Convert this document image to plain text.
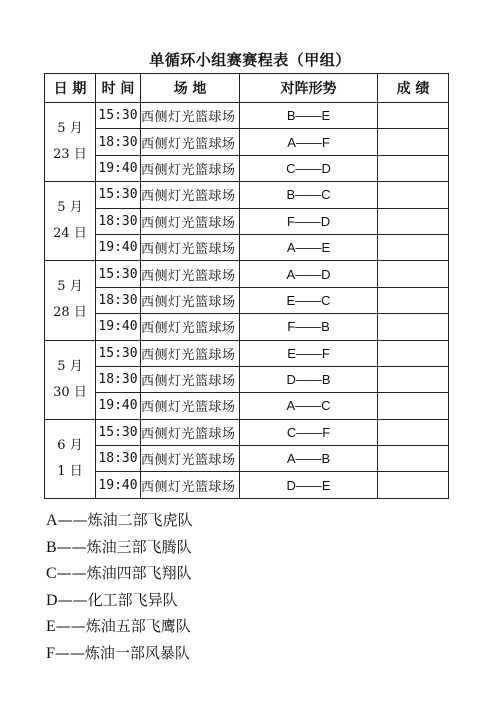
单循环小组赛赛程表（甲组）
日 期	时 间	场 地	对阵形势	成 绩

5 月
23 日	15:30	西侧灯光篮球场	B——E	
	18:30	西侧灯光篮球场	A——F	
	19:40	西侧灯光篮球场	C——D	

5 月
24 日	15:30	西侧灯光篮球场	B——C	
	18:30	西侧灯光篮球场	F——D	
	19:40	西侧灯光篮球场	A——E	

5 月
28 日	15:30	西侧灯光篮球场	A——D	
	18:30	西侧灯光篮球场	E——C	
	19:40	西侧灯光篮球场	F——B	

5 月
30 日	15:30	西侧灯光篮球场	E——F	
	18:30	西侧灯光篮球场	D——B	
	19:40	西侧灯光篮球场	A——C	

6 月
1 日	15:30	西侧灯光篮球场	C——F	
	18:30	西侧灯光篮球场	A——B	
	19:40	西侧灯光篮球场	D——E	
A——炼油二部飞虎队
B——炼油三部飞腾队
C——炼油四部飞翔队
D——化工部飞异队
E——炼油五部飞鹰队
F——炼油一部风暴队
